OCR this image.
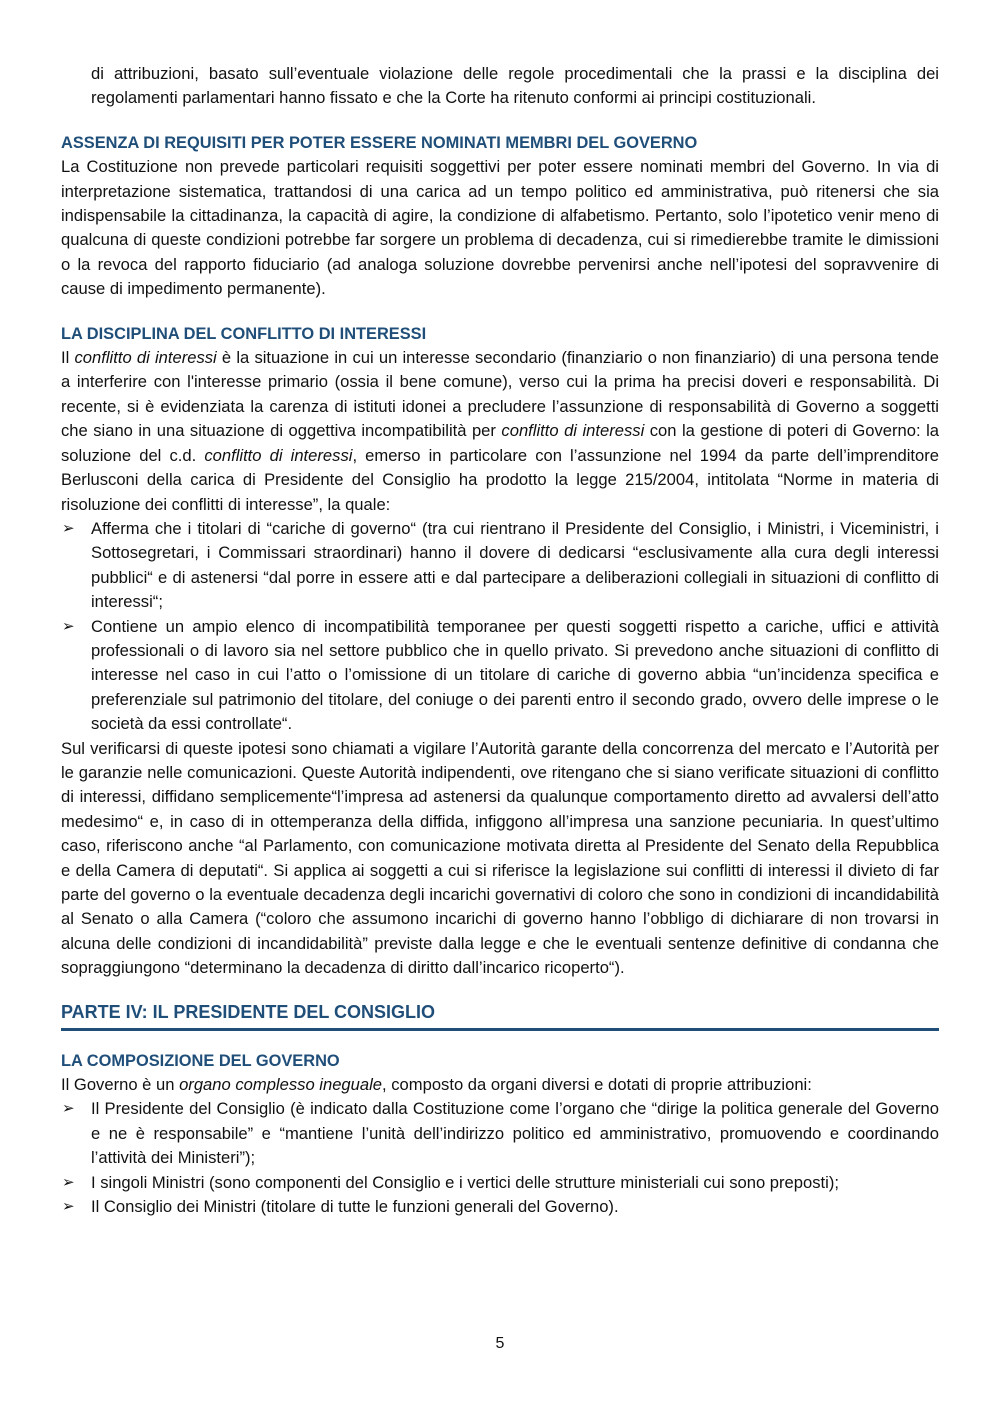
di attribuzioni, basato sull’eventuale violazione delle regole procedimentali che la prassi e la disciplina dei regolamenti parlamentari hanno fissato e che la Corte ha ritenuto conformi ai principi costituzionali.

ASSENZA DI REQUISITI PER POTER ESSERE NOMINATI MEMBRI DEL GOVERNO

La Costituzione non prevede particolari requisiti soggettivi per poter essere nominati membri del Governo. In via di interpretazione sistematica, trattandosi di una carica ad un tempo politico ed amministrativa, può ritenersi che sia indispensabile la cittadinanza, la capacità di agire, la condizione di alfabetismo. Pertanto, solo l’ipotetico venir meno di qualcuna di queste condizioni potrebbe far sorgere un problema di decadenza, cui si rimedierebbe tramite le dimissioni o la revoca del rapporto fiduciario (ad analoga soluzione dovrebbe pervenirsi anche nell’ipotesi del sopravvenire di cause di impedimento permanente).

LA DISCIPLINA DEL CONFLITTO DI INTERESSI

Il conflitto di interessi è la situazione in cui un interesse secondario (finanziario o non finanziario) di una persona tende a interferire con l'interesse primario (ossia il bene comune), verso cui la prima ha precisi doveri e responsabilità. Di recente, si è evidenziata la carenza di istituti idonei a precludere l’assunzione di responsabilità di Governo a soggetti che siano in una situazione di oggettiva incompatibilità per conflitto di interessi con la gestione di poteri di Governo: la soluzione del c.d. conflitto di interessi, emerso in particolare con l’assunzione nel 1994 da parte dell’imprenditore Berlusconi della carica di Presidente del Consiglio ha prodotto la legge 215/2004, intitolata “Norme in materia di risoluzione dei conflitti di interesse”, la quale:

➢ Afferma che i titolari di “cariche di governo“ (tra cui rientrano il Presidente del Consiglio, i Ministri, i Viceministri, i Sottosegretari, i Commissari straordinari) hanno il dovere di dedicarsi “esclusivamente alla cura degli interessi pubblici“ e di astenersi “dal porre in essere atti e dal partecipare a deliberazioni collegiali in situazioni di conflitto di interessi“;
➢ Contiene un ampio elenco di incompatibilità temporanee per questi soggetti rispetto a cariche, uffici e attività professionali o di lavoro sia nel settore pubblico che in quello privato. Si prevedono anche situazioni di conflitto di interesse nel caso in cui l’atto o l’omissione di un titolare di cariche di governo abbia “un’incidenza specifica e preferenziale sul patrimonio del titolare, del coniuge o dei parenti entro il secondo grado, ovvero delle imprese o le società da essi controllate“.

Sul verificarsi di queste ipotesi sono chiamati a vigilare l’Autorità garante della concorrenza del mercato e l’Autorità per le garanzie nelle comunicazioni. Queste Autorità indipendenti, ove ritengano che si siano verificate situazioni di conflitto di interessi, diffidano semplicemente“l’impresa ad astenersi da qualunque comportamento diretto ad avvalersi dell’atto medesimo“ e, in caso di in ottemperanza della diffida, infiggono all’impresa una sanzione pecuniaria. In quest’ultimo caso, riferiscono anche “al Parlamento, con comunicazione motivata diretta al Presidente del Senato della Repubblica e della Camera di deputati“. Si applica ai soggetti a cui si riferisce la legislazione sui conflitti di interessi il divieto di far parte del governo o la eventuale decadenza degli incarichi governativi di coloro che sono in condizioni di incandidabilità al Senato o alla Camera (“coloro che assumono incarichi di governo hanno l’obbligo di dichiarare di non trovarsi in alcuna delle condizioni di incandidabilità” previste dalla legge e che le eventuali sentenze definitive di condanna che sopraggiungono “determinano la decadenza di diritto dall’incarico ricoperto“).

PARTE IV: IL PRESIDENTE DEL CONSIGLIO

LA COMPOSIZIONE DEL GOVERNO

Il Governo è un organo complesso ineguale, composto da organi diversi e dotati di proprie attribuzioni:

➢ Il Presidente del Consiglio (è indicato dalla Costituzione come l’organo che “dirige la politica generale del Governo e ne è responsabile” e “mantiene l’unità dell’indirizzo politico ed amministrativo, promuovendo e coordinando l’attività dei Ministeri”);
➢ I singoli Ministri (sono componenti del Consiglio e i vertici delle strutture ministeriali cui sono preposti);
➢ Il Consiglio dei Ministri (titolare di tutte le funzioni generali del Governo).
5
